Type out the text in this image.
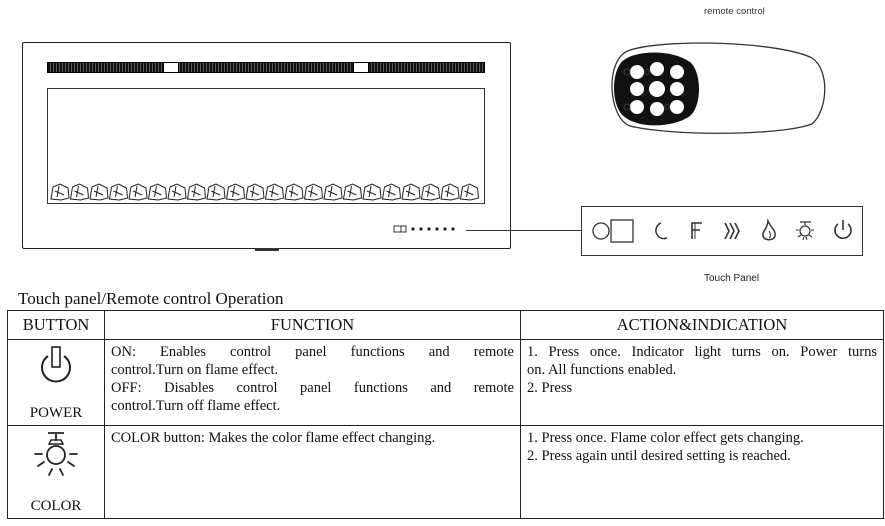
remote control
Touch Panel
Touch panel/Remote control Operation
BUTTON	FUNCTION	ACTION&INDICATION

POWER	ON: Enables control panel functions and remote
control.Turn on flame effect.
OFF: Disables control panel functions and remote
control.Turn off flame effect.	1. Press once. Indicator light turns on. Power turns
on. All functions enabled.
2. Press

COLOR	COLOR button: Makes the color flame effect changing.	1. Press once. Flame color effect gets changing.
2. Press again until desired setting is reached.
